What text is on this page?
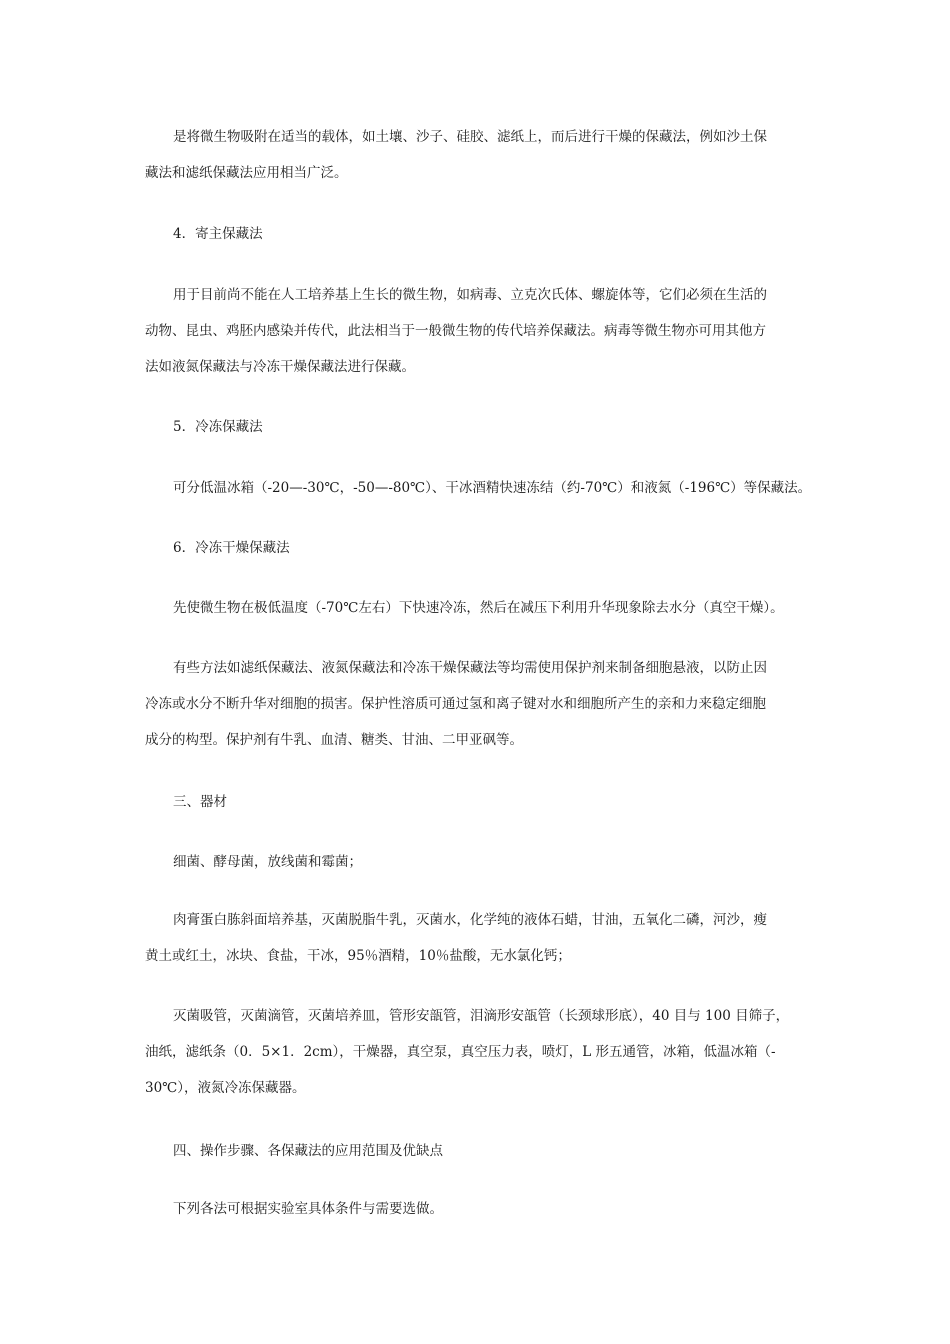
是将微生物吸附在适当的载体，如土壤、沙子、硅胶、滤纸上，而后进行干燥的保藏法，例如沙土保
藏法和滤纸保藏法应用相当广泛。

4．寄主保藏法

用于目前尚不能在人工培养基上生长的微生物，如病毒、立克次氏体、螺旋体等，它们必须在生活的
动物、昆虫、鸡胚内感染并传代，此法相当于一般微生物的传代培养保藏法。病毒等微生物亦可用其他方
法如液氮保藏法与冷冻干燥保藏法进行保藏。

5．冷冻保藏法

可分低温冰箱（-20—-30℃，-50—-80℃）、干冰酒精快速冻结（约-70℃）和液氮（-196℃）等保藏法。

6．冷冻干燥保藏法

先使微生物在极低温度（-70℃左右）下快速冷冻，然后在减压下利用升华现象除去水分（真空干燥）。

有些方法如滤纸保藏法、液氮保藏法和冷冻干燥保藏法等均需使用保护剂来制备细胞悬液，以防止因
冷冻或水分不断升华对细胞的损害。保护性溶质可通过氢和离子键对水和细胞所产生的亲和力来稳定细胞
成分的构型。保护剂有牛乳、血清、糖类、甘油、二甲亚砜等。

三、器材

细菌、酵母菌，放线菌和霉菌；

肉膏蛋白胨斜面培养基，灭菌脱脂牛乳，灭菌水，化学纯的液体石蜡，甘油，五氧化二磷，河沙，瘦
黄土或红土，冰块、食盐，干冰，95％酒精，10％盐酸，无水氯化钙；

灭菌吸管，灭菌滴管，灭菌培养皿，管形安瓿管，泪滴形安瓿管（长颈球形底），40 目与 100 目筛子，
油纸，滤纸条（0．5×1．2cm），干燥器，真空泵，真空压力表，喷灯，L 形五通管，冰箱，低温冰箱（-
30℃），液氮冷冻保藏器。

四、操作步骤、各保藏法的应用范围及优缺点

下列各法可根据实验室具体条件与需要选做。
